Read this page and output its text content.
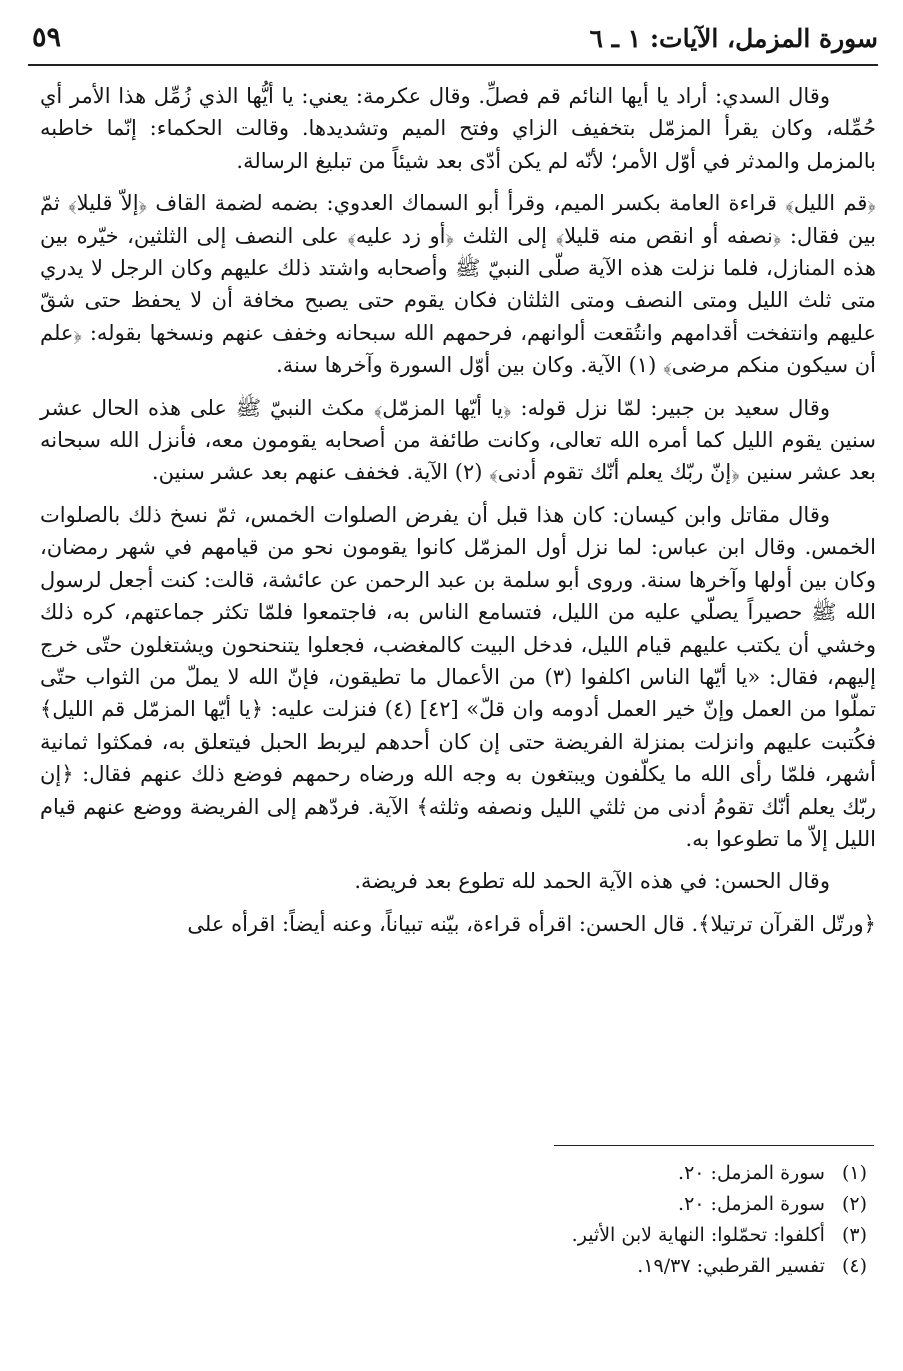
سورة المزمل، الآيات: ١ ـ ٦
٥٩

وقال السدي: أراد يا أيها النائم قم فصلِّ. وقال عكرمة: يعني: يا أيُّها الذي زُمِّل هذا الأمر أي حُمِّله، وكان يقرأ المزمّل بتخفيف الزاي وفتح الميم وتشديدها. وقالت الحكماء: إنّما خاطبه بالمزمل والمدثر في أوّل الأمر؛ لأنّه لم يكن أدّى بعد شيئاً من تبليغ الرسالة.

﴿قم الليل﴾ قراءة العامة بكسر الميم، وقرأ أبو السماك العدوي: بضمه لضمة القاف ﴿إلاّ قليلا﴾ ثمّ بين فقال: ﴿نصفه أو انقص منه قليلا﴾ إلى الثلث ﴿أو زد عليه﴾ على النصف إلى الثلثين، خيّره بين هذه المنازل، فلما نزلت هذه الآية صلّى النبيّ ﷺ وأصحابه واشتد ذلك عليهم وكان الرجل لا يدري متى ثلث الليل ومتى النصف ومتى الثلثان فكان يقوم حتى يصبح مخافة أن لا يحفظ حتى شقّ عليهم وانتفخت أقدامهم وانتُقعت ألوانهم، فرحمهم الله سبحانه وخفف عنهم ونسخها بقوله: ﴿علم أن سيكون منكم مرضى﴾ (١) الآية. وكان بين أوّل السورة وآخرها سنة.

وقال سعيد بن جبير: لمّا نزل قوله: ﴿يا أيّها المزمّل﴾ مكث النبيّ ﷺ على هذه الحال عشر سنين يقوم الليل كما أمره الله تعالى، وكانت طائفة من أصحابه يقومون معه، فأنزل الله سبحانه بعد عشر سنين ﴿إنّ ربّك يعلم أنّك تقوم أدنى﴾ (٢) الآية. فخفف عنهم بعد عشر سنين.

وقال مقاتل وابن كيسان: كان هذا قبل أن يفرض الصلوات الخمس، ثمّ نسخ ذلك بالصلوات الخمس. وقال ابن عباس: لما نزل أول المزمّل كانوا يقومون نحو من قيامهم في شهر رمضان، وكان بين أولها وآخرها سنة. وروى أبو سلمة بن عبد الرحمن عن عائشة، قالت: كنت أجعل لرسول الله ﷺ حصيراً يصلّي عليه من الليل، فتسامع الناس به، فاجتمعوا فلمّا تكثر جماعتهم، كره ذلك وخشي أن يكتب عليهم قيام الليل، فدخل البيت كالمغضب، فجعلوا يتنحنحون ويشتغلون حتّى خرج إليهم، فقال: «يا أيّها الناس اكلفوا (٣) من الأعمال ما تطيقون، فإنّ الله لا يملّ من الثواب حتّى تملّوا من العمل وإنّ خير العمل أدومه وان قلّ» [٤٢] (٤) فنزلت عليه: ﴿يا أيّها المزمّل قم الليل﴾ فكُتبت عليهم وانزلت بمنزلة الفريضة حتى إن كان أحدهم ليربط الحبل فيتعلق به، فمكثوا ثمانية أشهر، فلمّا رأى الله ما يكلّفون ويبتغون به وجه الله ورضاه رحمهم فوضع ذلك عنهم فقال: ﴿إن ربّك يعلم أنّك تقومُ أدنى من ثلثي الليل ونصفه وثلثه﴾ الآية. فردّهم إلى الفريضة ووضع عنهم قيام الليل إلاّ ما تطوعوا به.

وقال الحسن: في هذه الآية الحمد لله تطوع بعد فريضة.

﴿ورتّل القرآن ترتيلا﴾. قال الحسن: اقرأه قراءة، بيّنه تبياناً، وعنه أيضاً: اقرأه على

(١) سورة المزمل: ٢٠.
(٢) سورة المزمل: ٢٠.
(٣) أكلفوا: تحمّلوا: النهاية لابن الأثير.
(٤) تفسير القرطبي: ١٩/٣٧.
